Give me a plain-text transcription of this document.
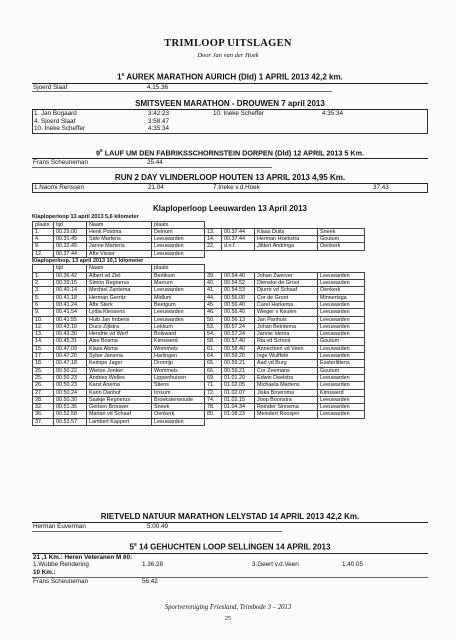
TRIMLOOP UITSLAGEN
Door Jan van der Hoek
1e AUREK MARATHON AURICH (Dld) 1 APRIL 2013 42,2 km.
Sjoerd Slaaf	4.15.36
SMITSVEEN MARATHON - DROUWEN 7 april 2013
1. Jan Bogaard	3:42:23	10. Ineke Scheffer	4:35:34
4. Sjoerd Slaaf	3:58:47
10. Ineke Scheffer	4:35:34
9e LAUF UM DEN FABRIKSSCHORNSTEIN DORPEN (Dld) 12 APRIL 2013 5 Km.
Frans Scheuneman	25.44
RUN 2 DAY VLINDERLOOP HOUTEN 13 APRIL 2013 4,95 Km.
1.Naomi Renssen	21.04	7.Ineke v.d.Hoek	37.43
Klaploperloop Leeuwarden 13 April 2013
Klaploperloop 13 april 2013 5,6 kilometer
plaats	tijd	Naam	plaats				
1.	00.29.00	Henk Postma	Deinum	13.	00.37.44	Klaas Duits	Sneek
4.	00.31.45	Sido Martens	Leeuwarden	14.	00.37.44	Herman Hoekstra	Goutum
9.	00.32.45	Janne Martens	Leeuwarden	22.	d.n.f.	Jildert Andringa	Oenkerk
12.	00.37.44	Afte Visser	Leeuwarden				
Klaploperloop, 13 april 2013 10,1 kilometer
	tijd	Naam	plaats				
1.	00.36.42	Albert vd Ziel	Berlikum	39.	00.54.40	Johan Zwerver	Leeuwarden
2.	00.39.15	Simon Regnerus	Marrum	40.	00.54.52	Dieneke de Groot	Leeuwarden
3.	00.40.14	Mechiel Zantema	Leeuwarden	41.	00.54.53	Djurre vd Schaaf	Oenkerk
5.	00.41.18	Herman Gerritz	Midlum	44.	00.56.00	Cor de Groot	Minnertsga
6.	00.41.24	Afte Sterk	Beetgum	45.	00.56.40	Carel Harkema	Leeuwarden
9.	00.41.54	Lydia Klessens	Leeuwarden	46.	00.56.40	Wieger v Keulen	Leeuwarden
10.	00.41.55	Huib Jan Imbens	Leeuwarden	50.	00.56.13	Jan Panhuis	Leeuwarden
12.	00.43.10	Duco Zijlstra	Lekkum	53.	00.57.24	Johan Beintema	Leeuwarden
13.	00.43.30	Hendrie vd Werf	Bolsward	54.	00.57.24	Jannie Idema	Leeuwarden
14.	00.45.31	Aise Bosma	Kimswerd	58.	00.57.40	Ria vd Schoot	Goutum
15.	00.47.09	Klaas Abma	Wommels	61.	00.58.40	Annechien vd Veen	Leeuwarden
17.	00.47.20	Sytse Jansma	Harlingen	64.	00.59.20	Inge Wulffelé	Leeuwarden
18.	00.47.18	Keimpe Jager	Dronrijp	65.	00.59.21	Aad vd Burg	Easterlittens
25.	00.50.22	Wietse Jonker	Wommels	66.	00.59.21	Cor Zeemans	Goutum
25.	00.50.23	Andries Welles	Lippenhuizen	69.	01.01.20	Edwin Deelstra	Leeuwarden
26.	00.50.23	Karst Anema	Stiens	71.	01.02.05	Michaela Martens	Leeuwarden
27.	00.50.24	Karin Danhof	Irnsum	72.	01.02.07	Jiska Broersma	Kimswerd
28.	00.50.30	Saskje Regnerus	Broeksterwoude	74.	01.02.15	Joop Boonstra	Leeuwarden
32.	00.51.35	Gerben Brouwer	Sneek	78.	01.04.34	Reinder Sinnema	Leeuwarden
36.	00.52.58	Marian vd Schaaf	Oenkerk	80.	01.08.23	Meindert Roosjen	Leeuwarden
37.	00.53.57	Lambert Kappert	Leeuwarden				
RIETVELD NATUUR MARATHON LELYSTAD 14 APRIL 2013 42,2 Km.
Herman Euverman	5.00.49
5e 14 GEHUCHTEN LOOP SELLINGEN 14 APRIL 2013
21 ,1 Km.: Heren Veteranen M 60:
1.Wubbe Rendering	1.36.28	3.Geert v.d.Veen	1.40.05
10 Km.:
Frans Scheuneman	56.42
Sportvereniging Friesland, Trimbode 3 – 2013
25
